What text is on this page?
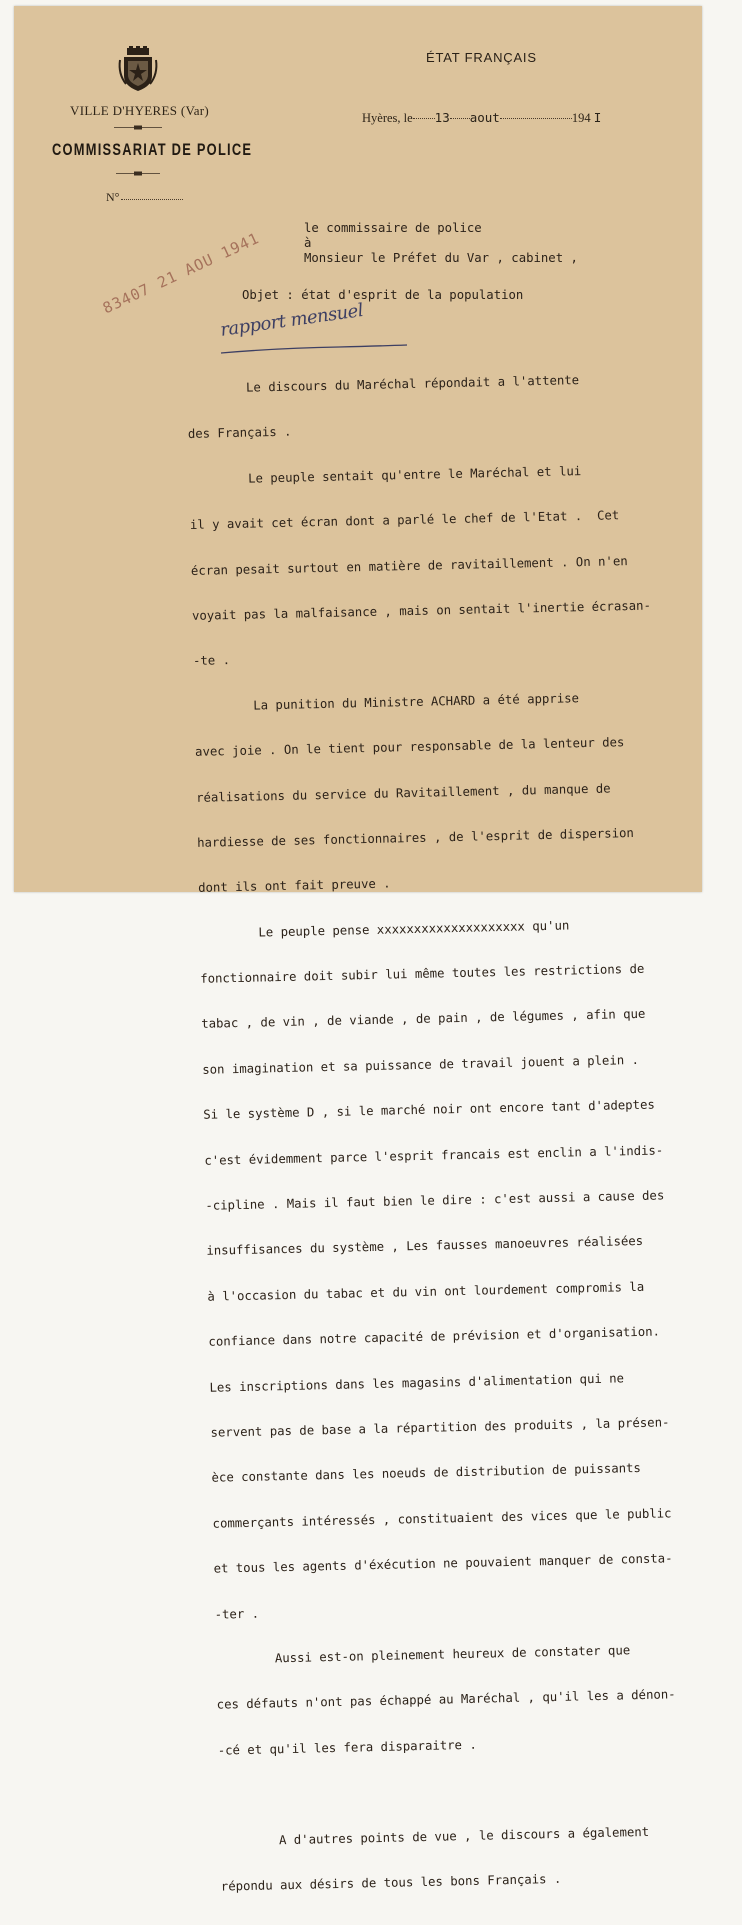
VILLE D'HYERES (Var)
COMMISSARIAT DE POLICE
N°
ÉTAT FRANÇAIS
Hyères, le 13 aout	194 I
le commissaire de police
à
Monsieur le Préfet du Var , cabinet ,
Objet : état d'esprit de la population
rapport mensuel
83407 21 AOU 1941

Le discours du Maréchal répondait a l'attente

des Français .

Le peuple sentait qu'entre le Maréchal et lui

il y avait cet écran dont a parlé le chef de l'Etat .  Cet

écran pesait surtout en matière de ravitaillement . On n'en

voyait pas la malfaisance , mais on sentait l'inertie écrasan-

-te .

La punition du Ministre ACHARD a été apprise

avec joie . On le tient pour responsable de la lenteur des

réalisations du service du Ravitaillement , du manque de

hardiesse de ses fonctionnaires , de l'esprit de dispersion

dont ils ont fait preuve .

Le peuple pense xxxxxxxxxxxxxxxxxxxx qu'un

fonctionnaire doit subir lui même toutes les restrictions de

tabac , de vin , de viande , de pain , de légumes , afin que

son imagination et sa puissance de travail jouent a plein .

Si le système D , si le marché noir ont encore tant d'adeptes

c'est évidemment parce l'esprit francais est enclin a l'indis-

-cipline . Mais il faut bien le dire : c'est aussi a cause des

insuffisances du système , Les fausses manoeuvres réalisées

à l'occasion du tabac et du vin ont lourdement compromis la

confiance dans notre capacité de prévision et d'organisation.

Les inscriptions dans les magasins d'alimentation qui ne

servent pas de base a la répartition des produits , la présen-

èce constante dans les noeuds de distribution de puissants

commerçants intéressés , constituaient des vices que le public

et tous les agents d'éxécution ne pouvaient manquer de consta-

-ter .

Aussi est-on pleinement heureux de constater que

ces défauts n'ont pas échappé au Maréchal , qu'il les a dénon-

-cé et qu'il les fera disparaitre .

A d'autres points de vue , le discours a également

répondu aux désirs de tous les bons Français .
